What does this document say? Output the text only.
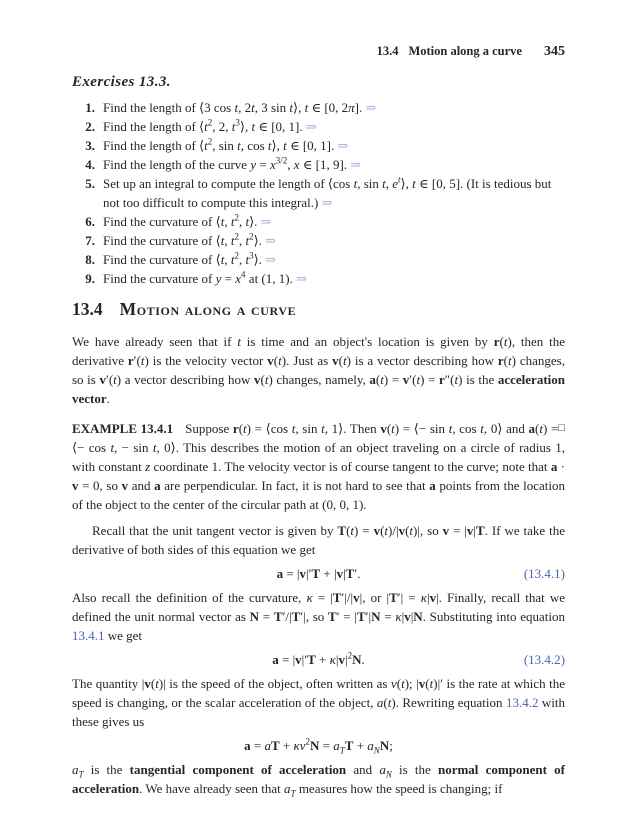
13.4 Motion along a curve 345
Exercises 13.3.
1. Find the length of ⟨3 cos t, 2t, 3 sin t⟩, t ∈ [0, 2π]. ⇒
2. Find the length of $⟨t^2$, 2, $t^3⟩$, t ∈ [0, 1]. ⇒
3. Find the length of $⟨t^2$, sin t, cos t⟩, t ∈ [0, 1]. ⇒
4. Find the length of the curve $y = x^{3/2}$, x ∈ [1, 9]. ⇒
5. Set up an integral to compute the length of ⟨cos t, sin t, $e^t⟩$, t ∈ [0, 5]. (It is tedious but not too difficult to compute this integral.) ⇒
6. Find the curvature of ⟨t, $t^2$, t⟩. ⇒
7. Find the curvature of ⟨t, $t^2$, $t^2⟩$. ⇒
8. Find the curvature of ⟨t, $t^2$, $t^3⟩$. ⇒
9. Find the curvature of $y = x^4$ at (1, 1). ⇒
13.4 Motion along a curve

We have already seen that if t is time and an object's location is given by r(t), then the derivative r′(t) is the velocity vector v(t). Just as v(t) is a vector describing how r(t) changes, so is v′(t) a vector describing how v(t) changes, namely, a(t) = v′(t) = r″(t) is the acceleration vector.

EXAMPLE 13.4.1	□
Suppose r(t) = ⟨cos t, sin t, 1⟩. Then v(t) = ⟨− sin t, cos t, 0⟩ and a(t) = ⟨− cos t, − sin t, 0⟩. This describes the motion of an object traveling on a circle of radius 1, with constant z coordinate 1. The velocity vector is of course tangent to the curve; note that a · v = 0, so v and a are perpendicular. In fact, it is not hard to see that a points from the location of the object to the center of the circular path at (0, 0, 1).

Recall that the unit tangent vector is given by T(t) = v(t)/|v(t)|, so v = |v|T. If we take the derivative of both sides of this equation we get

a = |v|′T + |v|T′.	(13.4.1)

Also recall the definition of the curvature, κ = |T′|/|v|, or |T′| = κ|v|. Finally, recall that we defined the unit normal vector as N = T′/|T′|, so T′ = |T′|N = κ|v|N. Substituting into equation 13.4.1 we get

$a = |v|'T + \kappa|v|^2N$.	(13.4.2)

The quantity |v(t)| is the speed of the object, often written as v(t); |v(t)|′ is the rate at which the speed is changing, or the scalar acceleration of the object, a(t). Rewriting equation 13.4.2 with these gives us

a = aT + $\kappa v^2N = a_TT + a_NN$;

$a_T$ is the tangential component of acceleration and $a_N$ is the normal component of acceleration. We have already seen that $a_T$ measures how the speed is changing; if
